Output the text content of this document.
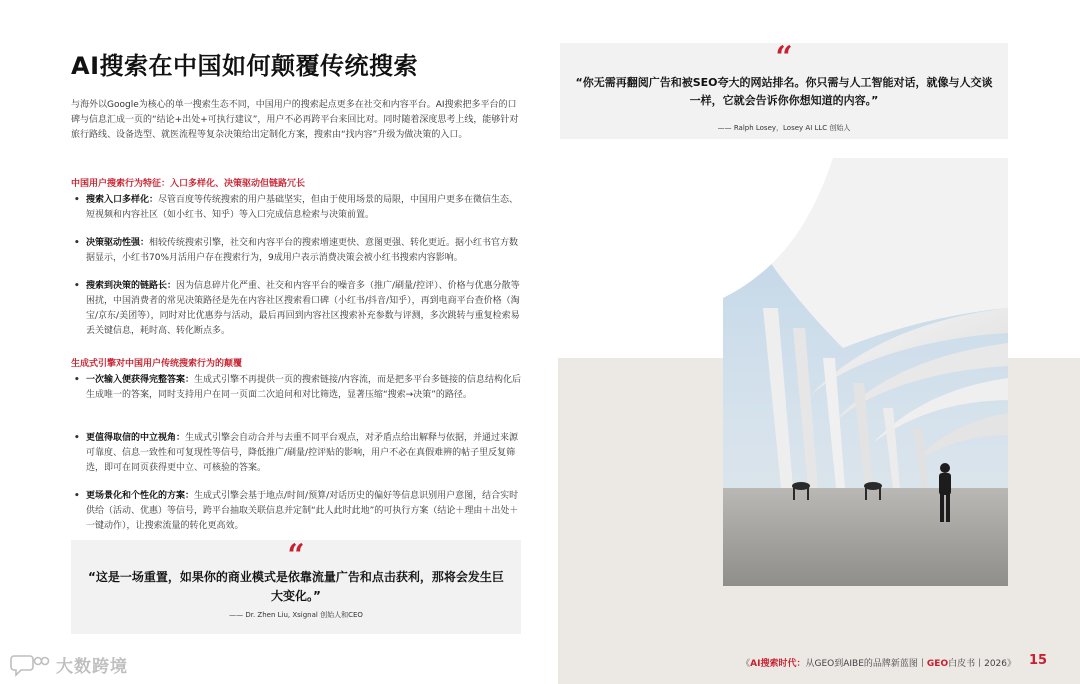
AI搜索在中国如何颠覆传统搜索

与海外以Google为核心的单一搜索生态不同，中国用户的搜索起点更多在社交和内容平台。AI搜索把多平台的口碑与信息汇成一页的“结论+出处+可执行建议”，用户不必再跨平台来回比对。同时随着深度思考上线，能够针对旅行路线、设备选型、就医流程等复杂决策给出定制化方案，搜索由“找内容”升级为做决策的入口。

中国用户搜索行为特征：入口多样化、决策驱动但链路冗长
• 搜索入口多样化：尽管百度等传统搜索的用户基础坚实，但由于使用场景的局限，中国用户更多在微信生态、短视频和内容社区（如小红书、知乎）等入口完成信息检索与决策前置。
• 决策驱动性强：相较传统搜索引擎，社交和内容平台的搜索增速更快、意图更强、转化更近。据小红书官方数据显示，小红书70%月活用户存在搜索行为，9成用户表示消费决策会被小红书搜索内容影响。
• 搜索到决策的链路长：因为信息碎片化严重、社交和内容平台的噪音多（推广/刷量/控评）、价格与优惠分散等困扰，中国消费者的常见决策路径是先在内容社区搜索看口碑（小红书/抖音/知乎），再到电商平台查价格（淘宝/京东/美团等），同时对比优惠券与活动，最后再回到内容社区搜索补充参数与评测，多次跳转与重复检索易丢关键信息，耗时高、转化断点多。
生成式引擎对中国用户传统搜索行为的颠覆
• 一次输入便获得完整答案：生成式引擎不再提供一页的搜索链接/内容流，而是把多平台多链接的信息结构化后生成唯一的答案，同时支持用户在同一页面二次追问和对比筛选，显著压缩“搜索→决策”的路径。
• 更值得取信的中立视角：生成式引擎会自动合并与去重不同平台观点，对矛盾点给出解释与依据，并通过来源可靠度、信息一致性和可复现性等信号，降低推广/刷量/控评贴的影响，用户不必在真假难辨的帖子里反复筛选，即可在同页获得更中立、可核验的答案。
• 更场景化和个性化的方案：生成式引擎会基于地点/时间/预算/对话历史的偏好等信息识别用户意图，结合实时供给（活动、优惠）等信号，跨平台抽取关联信息并定制“此人此时此地”的可执行方案（结论＋理由＋出处＋一键动作），让搜索流量的转化更高效。
“
“这是一场重置，如果你的商业模式是依靠流量广告和点击获利，那将会发生巨大变化。”
—— Dr. Zhen Liu, Xsignal 创始人和CEO
“
“你无需再翻阅广告和被SEO夸大的网站排名。你只需与人工智能对话，就像与人交谈一样，它就会告诉你你想知道的内容。”
—— Ralph Losey，Losey AI LLC 创始人
《AI搜索时代：从GEO到AIBE的品牌新蓝图丨GEO白皮书丨2026》 15
大数跨境
